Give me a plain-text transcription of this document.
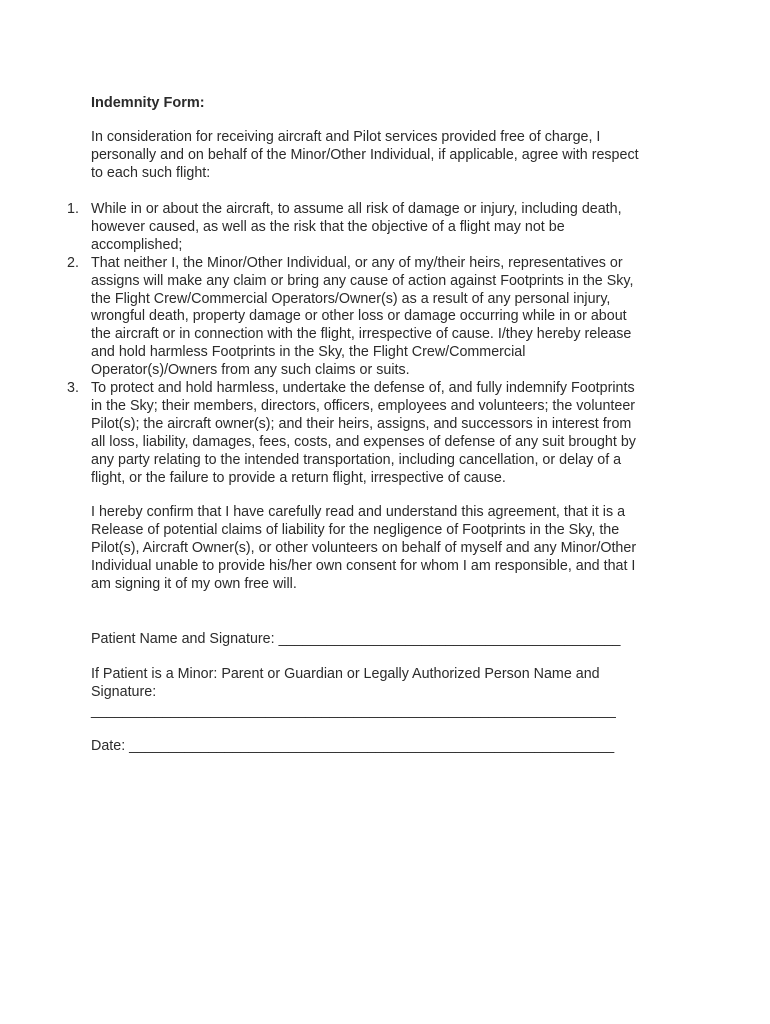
Indemnity Form:

In consideration for receiving aircraft and Pilot services provided free of charge, I
personally and on behalf of the Minor/Other Individual, if applicable, agree with respect
to each such flight:

1. While in or about the aircraft, to assume all risk of damage or injury, including death,
however caused, as well as the risk that the objective of a flight may not be
accomplished;
2. That neither I, the Minor/Other Individual, or any of my/their heirs, representatives or
assigns will make any claim or bring any cause of action against Footprints in the Sky,
the Flight Crew/Commercial Operators/Owner(s) as a result of any personal injury,
wrongful death, property damage or other loss or damage occurring while in or about
the aircraft or in connection with the flight, irrespective of cause. I/they hereby release
and hold harmless Footprints in the Sky, the Flight Crew/Commercial
Operator(s)/Owners from any such claims or suits.
3. To protect and hold harmless, undertake the defense of, and fully indemnify Footprints
in the Sky; their members, directors, officers, employees and volunteers; the volunteer
Pilot(s); the aircraft owner(s); and their heirs, assigns, and successors in interest from
all loss, liability, damages, fees, costs, and expenses of defense of any suit brought by
any party relating to the intended transportation, including cancellation, or delay of a
flight, or the failure to provide a return flight, irrespective of cause.

I hereby confirm that I have carefully read and understand this agreement, that it is a
Release of potential claims of liability for the negligence of Footprints in the Sky, the
Pilot(s), Aircraft Owner(s), or other volunteers on behalf of myself and any Minor/Other
Individual unable to provide his/her own consent for whom I am responsible, and that I
am signing it of my own free will.

Patient Name and Signature: ___________________________________________
If Patient is a Minor: Parent or Guardian or Legally Authorized Person Name and
Signature:
__________________________________________________________________
Date: _____________________________________________________________
